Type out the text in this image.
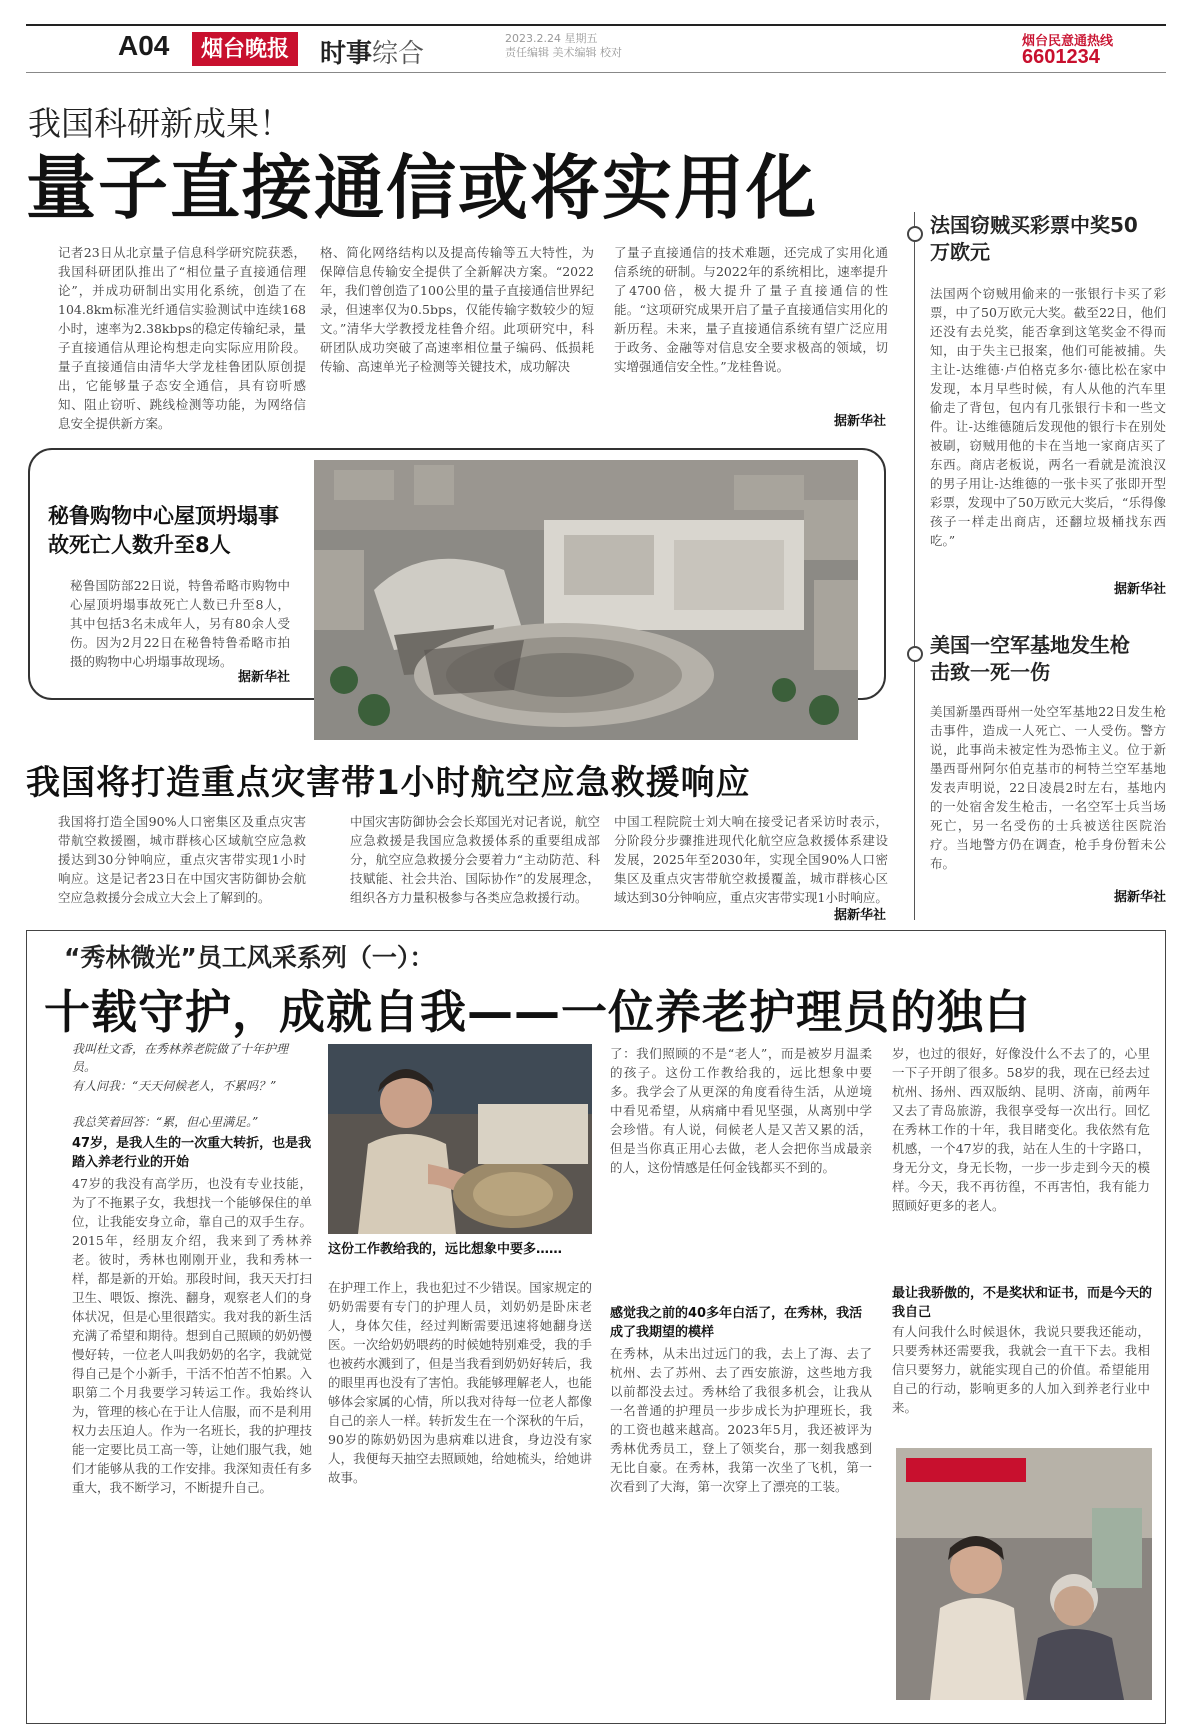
A04	烟台晚报	时事综合
2023.2.24 星期五
责任编辑 美术编辑 校对
烟台民意通热线
6601234
我国科研新成果！
量子直接通信或将实用化
记者23日从北京量子信息科学研究院获悉，我国科研团队推出了“相位量子直接通信理论”，并成功研制出实用化系统，创造了在104.8km标准光纤通信实验测试中连续168小时，速率为2.38kbps的稳定传输纪录，量子直接通信从理论构想走向实际应用阶段。量子直接通信由清华大学龙桂鲁团队原创提出，它能够量子态安全通信，具有窃听感知、阻止窃听、跳线检测等功能，为网络信息安全提供新方案。
格、简化网络结构以及提高传输等五大特性，为保障信息传输安全提供了全新解决方案。“2022年，我们曾创造了100公里的量子直接通信世界纪录，但速率仅为0.5bps，仅能传输字数较少的短文。”清华大学教授龙桂鲁介绍。此项研究中，科研团队成功突破了高速率相位量子编码、低损耗传输、高速单光子检测等关键技术，成功解决
了量子直接通信的技术难题，还完成了实用化通信系统的研制。与2022年的系统相比，速率提升了4700倍，极大提升了量子直接通信的性能。“这项研究成果开启了量子直接通信实用化的新历程。未来，量子直接通信系统有望广泛应用于政务、金融等对信息安全要求极高的领域，切实增强通信安全性。”龙桂鲁说。
据新华社
法国窃贼买彩票中奖50万欧元
法国两个窃贼用偷来的一张银行卡买了彩票，中了50万欧元大奖。截至22日，他们还没有去兑奖，能否拿到这笔奖金不得而知，由于失主已报案，他们可能被捕。失主让-达维德·卢伯格克多尔·德比松在家中发现，本月早些时候，有人从他的汽车里偷走了背包，包内有几张银行卡和一些文件。让-达维德随后发现他的银行卡在别处被刷，窃贼用他的卡在当地一家商店买了东西。商店老板说，两名一看就是流浪汉的男子用让-达维德的一张卡买了张即开型彩票，发现中了50万欧元大奖后，“乐得像孩子一样走出商店，还翻垃圾桶找东西吃。”
据新华社
美国一空军基地发生枪击致一死一伤
美国新墨西哥州一处空军基地22日发生枪击事件，造成一人死亡、一人受伤。警方说，此事尚未被定性为恐怖主义。位于新墨西哥州阿尔伯克基市的柯特兰空军基地发表声明说，22日凌晨2时左右，基地内的一处宿舍发生枪击，一名空军士兵当场死亡，另一名受伤的士兵被送往医院治疗。当地警方仍在调查，枪手身份暂未公布。
据新华社
秘鲁购物中心屋顶坍塌事故死亡人数升至8人
秘鲁国防部22日说，特鲁希略市购物中心屋顶坍塌事故死亡人数已升至8人，其中包括3名未成年人，另有80余人受伤。因为2月22日在秘鲁特鲁希略市拍摄的购物中心坍塌事故现场。
据新华社
我国将打造重点灾害带1小时航空应急救援响应
我国将打造全国90%人口密集区及重点灾害带航空救援圈，城市群核心区域航空应急救援达到30分钟响应，重点灾害带实现1小时响应。这是记者23日在中国灾害防御协会航空应急救援分会成立大会上了解到的。
中国灾害防御协会会长郑国光对记者说，航空应急救援是我国应急救援体系的重要组成部分，航空应急救援分会要着力“主动防范、科技赋能、社会共治、国际协作”的发展理念，组织各方力量积极参与各类应急救援行动。
中国工程院院士刘大响在接受记者采访时表示，分阶段分步骤推进现代化航空应急救援体系建设发展，2025年至2030年，实现全国90%人口密集区及重点灾害带航空救援覆盖，城市群核心区域达到30分钟响应，重点灾害带实现1小时响应。
据新华社
“秀林微光”员工风采系列（一）：
十载守护，成就自我——一位养老护理员的独白
我叫杜文香，在秀林养老院做了十年护理员。
有人问我：“天天伺候老人，不累吗？”
我总笑着回答：“累，但心里满足。”
47岁，是我人生的一次重大转折，也是我踏入养老行业的开始
47岁的我没有高学历，也没有专业技能，为了不拖累子女，我想找一个能够保住的单位，让我能安身立命，靠自己的双手生存。2015年，经朋友介绍，我来到了秀林养老。彼时，秀林也刚刚开业，我和秀林一样，都是新的开始。那段时间，我天天打扫卫生、喂饭、擦洗、翻身，观察老人们的身体状况，但是心里很踏实。我对我的新生活充满了希望和期待。想到自己照顾的奶奶慢慢好转，一位老人叫我奶奶的名字，我就觉得自己是个小新手，干活不怕苦不怕累。入职第二个月我要学习转运工作。我始终认为，管理的核心在于让人信服，而不是利用权力去压迫人。作为一名班长，我的护理技能一定要比员工高一等，让她们服气我，她们才能够从我的工作安排。我深知责任有多重大，我不断学习，不断提升自己。
这份工作教给我的，远比想象中要多……
在护理工作上，我也犯过不少错误。国家规定的奶奶需要有专门的护理人员，刘奶奶是卧床老人，身体欠佳，经过判断需要迅速将她翻身送医。一次给奶奶喂药的时候她特别难受，我的手也被药水溅到了，但是当我看到奶奶好转后，我的眼里再也没有了害怕。我能够理解老人，也能够体会家属的心情，所以我对待每一位老人都像自己的亲人一样。转折发生在一个深秋的午后，90岁的陈奶奶因为患病难以进食，身边没有家人，我便每天抽空去照顾她，给她梳头，给她讲故事。
了：我们照顾的不是“老人”，而是被岁月温柔的孩子。这份工作教给我的，远比想象中要多。我学会了从更深的角度看待生活，从逆境中看见希望，从病痛中看见坚强，从离别中学会珍惜。有人说，伺候老人是又苦又累的活，但是当你真正用心去做，老人会把你当成最亲的人，这份情感是任何金钱都买不到的。
感觉我之前的40多年白活了，在秀林，我活成了我期望的模样
在秀林，从未出过远门的我，去上了海、去了杭州、去了苏州、去了西安旅游，这些地方我以前都没去过。秀林给了我很多机会，让我从一名普通的护理员一步步成长为护理班长，我的工资也越来越高。2023年5月，我还被评为秀林优秀员工，登上了领奖台，那一刻我感到无比自豪。在秀林，我第一次坐了飞机，第一次看到了大海，第一次穿上了漂亮的工装。
岁，也过的很好，好像没什么不去了的，心里一下子开朗了很多。58岁的我，现在已经去过杭州、扬州、西双版纳、昆明、济南，前两年又去了青岛旅游，我很享受每一次出行。回忆在秀林工作的十年，我目睹变化。我依然有危机感，一个47岁的我，站在人生的十字路口，身无分文，身无长物，一步一步走到今天的模样。今天，我不再彷徨，不再害怕，我有能力照顾好更多的老人。
最让我骄傲的，不是奖状和证书，而是今天的我自己
有人问我什么时候退休，我说只要我还能动，只要秀林还需要我，我就会一直干下去。我相信只要努力，就能实现自己的价值。希望能用自己的行动，影响更多的人加入到养老行业中来。
